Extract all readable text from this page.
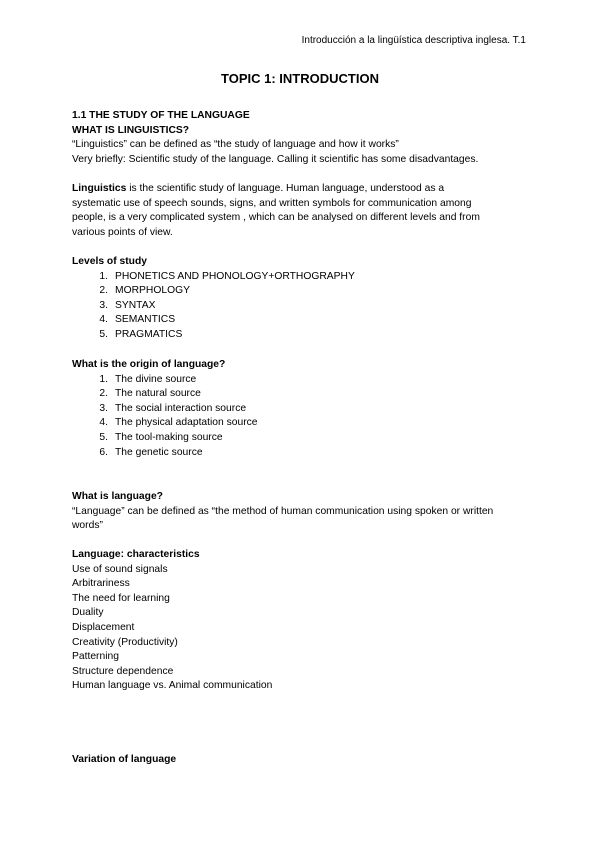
Introducción a la lingüística descriptiva inglesa. T.1
TOPIC 1: INTRODUCTION
1.1 THE STUDY OF THE LANGUAGE
WHAT IS LINGUISTICS?
“Linguistics” can be defined as “the study of language and how it works”
Very briefly: Scientific study of the language. Calling it scientific has some disadvantages.
Linguistics is the scientific study of language. Human language, understood as a
systematic use of speech sounds, signs, and written symbols for communication among
people, is a very complicated system , which can be analysed on different levels and from
various points of view.
Levels of study
1. PHONETICS AND PHONOLOGY+ORTHOGRAPHY
2. MORPHOLOGY
3. SYNTAX
4. SEMANTICS
5. PRAGMATICS
What is the origin of language?
1. The divine source
2. The natural source
3. The social interaction source
4. The physical adaptation source
5. The tool-making source
6. The genetic source
What is language?
“Language” can be defined as “the method of human communication using spoken or written
words”
Language: characteristics
Use of sound signals
Arbitrariness
The need for learning
Duality
Displacement
Creativity (Productivity)
Patterning
Structure dependence
Human language vs. Animal communication
Variation of language
